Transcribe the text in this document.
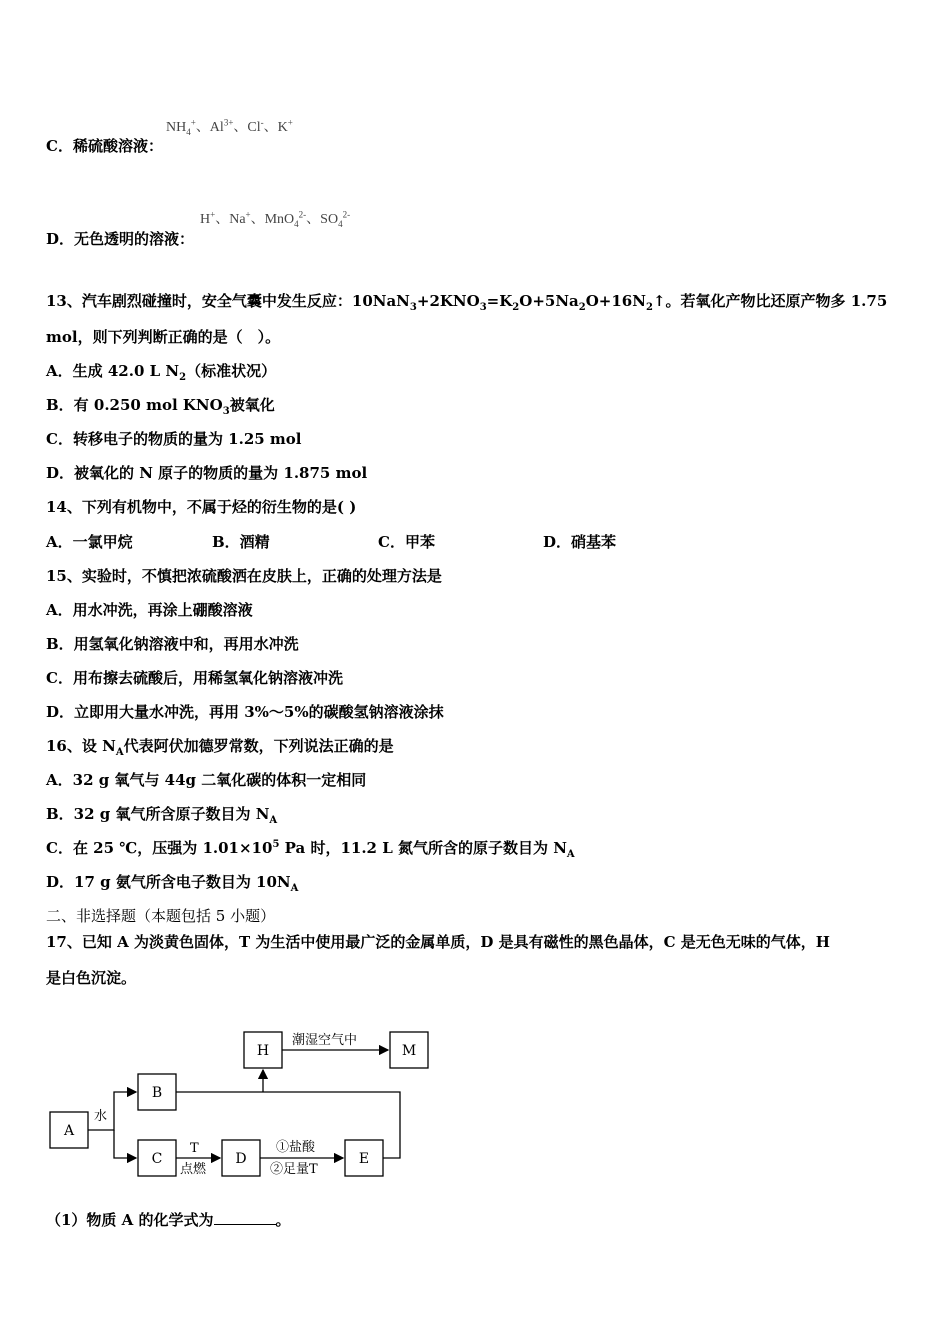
$NH_4^+$、$Al^{3+}$、Cl-、K+
C．稀硫酸溶液：
H+、Na+、MnO$_4^{2-}$、$SO_4^{2-}$
D．无色透明的溶液：
13、汽车剧烈碰撞时，安全气囊中发生反应：$10NaN_3+2KNO_3=K_2O+5Na_2O+16N_2↑$。若氧化产物比还原产物多 1.75
mol，则下列判断正确的是（　）。
A．生成 42.0 L $N_2$（标准状况）
B．有 0.250 mol $KNO_3$被氧化
C．转移电子的物质的量为 1.25 mol
D．被氧化的 N 原子的物质的量为 1.875 mol
14、下列有机物中，不属于烃的衍生物的是( )
A．一氯甲烷	B．酒精	C．甲苯	D．硝基苯
15、实验时，不慎把浓硫酸洒在皮肤上，正确的处理方法是
A．用水冲洗，再涂上硼酸溶液
B．用氢氧化钠溶液中和，再用水冲洗
C．用布擦去硫酸后，用稀氢氧化钠溶液冲洗
D．立即用大量水冲洗，再用 3%～5%的碳酸氢钠溶液涂抹
16、设 $N_A$代表阿伏加德罗常数，下列说法正确的是
A．32 g 氧气与 44g 二氧化碳的体积一定相同
B．32 g 氧气所含原子数目为 $N_A$
C．在 25 ℃，压强为 $1.01\times 10^5$ Pa 时，11.2 L 氮气所含的原子数目为 $N_A$
D．17 g 氨气所含电子数目为 $10N_A$
二、非选择题（本题包括 5 小题）
17、已知 A 为淡黄色固体，T 为生活中使用最广泛的金属单质，D 是具有磁性的黑色晶体，C 是无色无味的气体，H
是白色沉淀。
A
B
C	D	E
H	M
水
T
点燃
①盐酸
②足量T
潮湿空气中
（1）物质 A 的化学式为	。
